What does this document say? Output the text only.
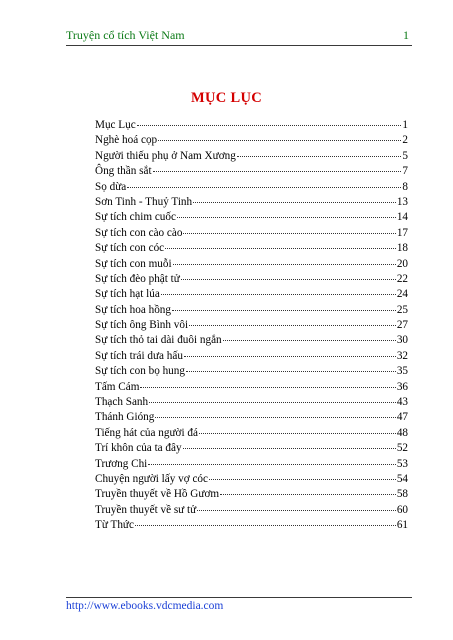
Truyện cổ tích Việt Nam	1
MỤC LỤC
Mục Lục	1
Nghè hoá cọp	2
Người thiếu phụ ở Nam Xương	5
Ông thần sắt	7
Sọ dừa	8
Sơn Tinh - Thuỷ Tinh	13
Sự tích chim cuốc	14
Sự tích con cào cào	17
Sự tích con cóc	18
Sự tích con muỗi	20
Sự tích đèo phật tử	22
Sự tích hạt lúa	24
Sự tích hoa hồng	25
Sự tích ông Bình vôi	27
Sự tích thỏ tai dài đuôi ngắn	30
Sự tích trái dưa hấu	32
Sự tích con bọ hung	35
Tấm Cám	36
Thạch Sanh	43
Thánh Gióng	47
Tiếng hát của người đá	48
Trí khôn của ta đây	52
Trương Chi	53
Chuyện người lấy vợ cóc	54
Truyền thuyết về Hồ Gươm	58
Truyền thuyết về sư tử	60
Từ Thức	61
http://www.ebooks.vdcmedia.com
